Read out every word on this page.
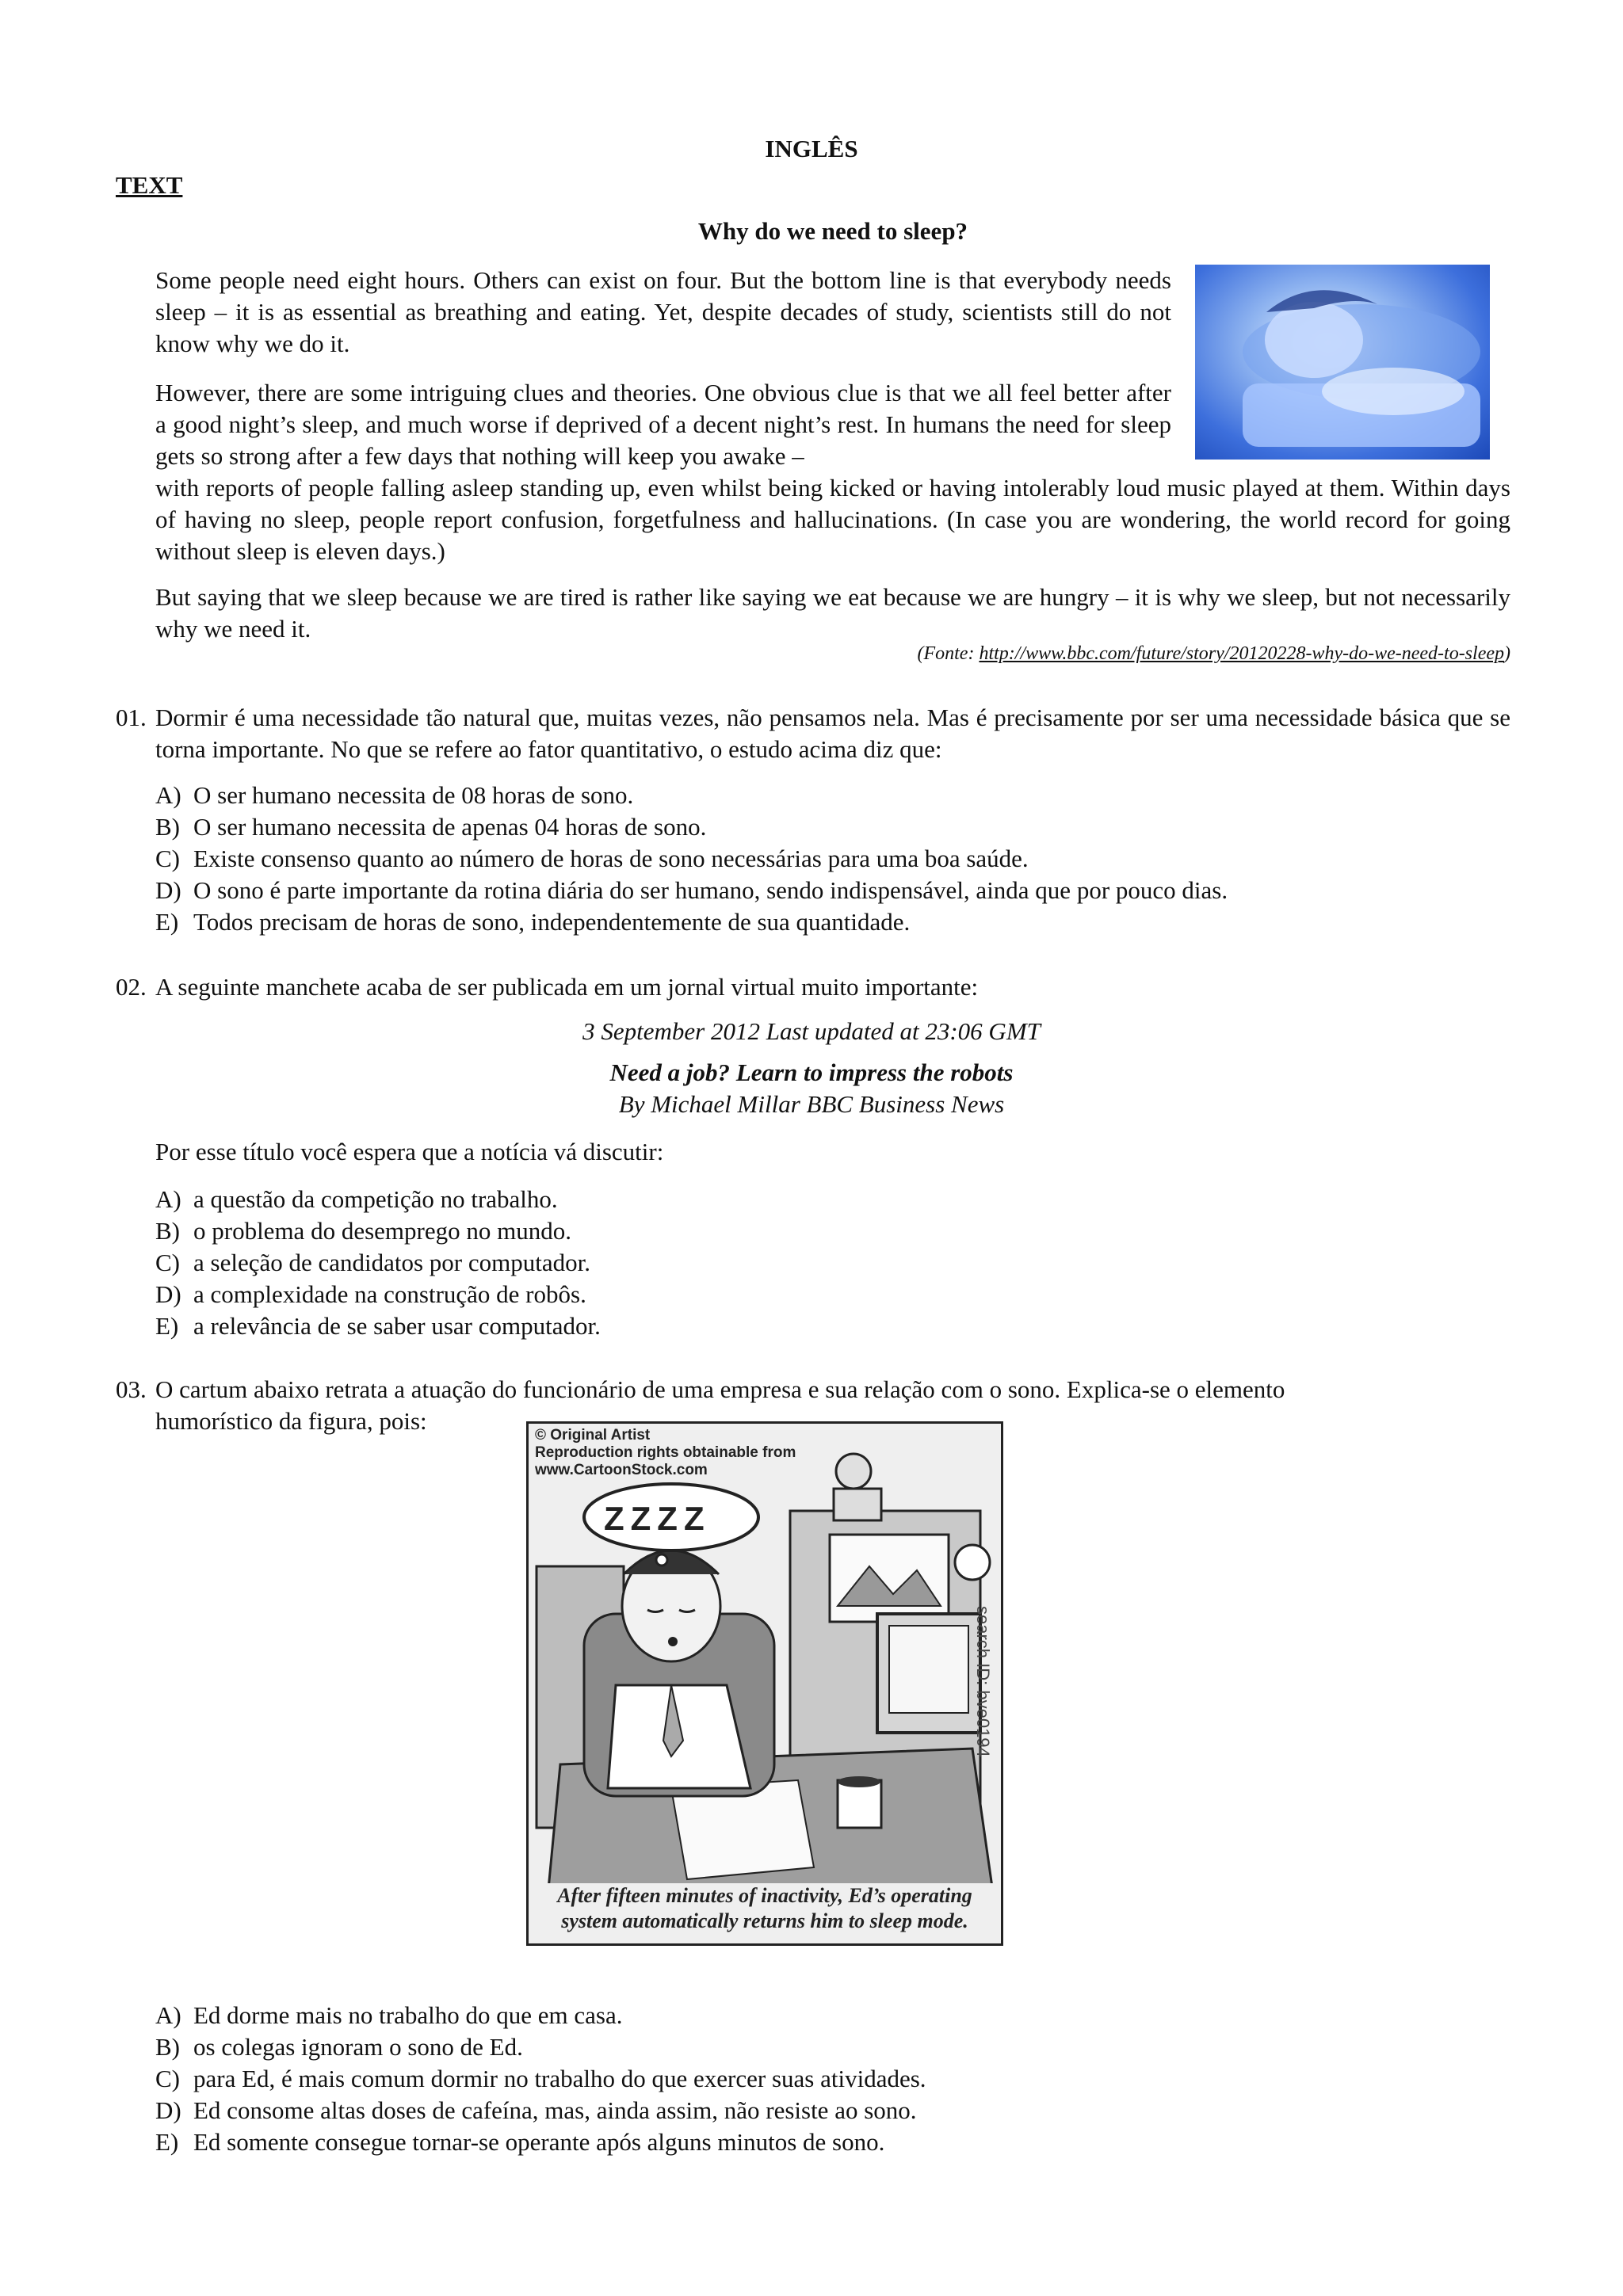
INGLÊS
TEXT
Why do we need to sleep?
Some people need eight hours. Others can exist on four. But the bottom line is that everybody needs sleep – it is as essential as breathing and eating. Yet, despite decades of study, scientists still do not know why we do it.
However, there are some intriguing clues and theories. One obvious clue is that we all feel better after a good night’s sleep, and much worse if deprived of a decent night’s rest. In humans the need for sleep gets so strong after a few days that nothing will keep you awake –
with reports of people falling asleep standing up, even whilst being kicked or having intolerably loud music played at them. Within days of having no sleep, people report confusion, forgetfulness and hallucinations. (In case you are wondering, the world record for going without sleep is eleven days.)
But saying that we sleep because we are tired is rather like saying we eat because we are hungry – it is why we sleep, but not necessarily why we need it.
(Fonte: http://www.bbc.com/future/story/20120228-why-do-we-need-to-sleep)
01. Dormir é uma necessidade tão natural que, muitas vezes, não pensamos nela. Mas é precisamente por ser uma necessidade básica que se torna importante. No que se refere ao fator quantitativo, o estudo acima diz que:
A) O ser humano necessita de 08 horas de sono.
B) O ser humano necessita de apenas 04 horas de sono.
C) Existe consenso quanto ao número de horas de sono necessárias para uma boa saúde.
D) O sono é parte importante da rotina diária do ser humano, sendo indispensável, ainda que por pouco dias.
E) Todos precisam de horas de sono, independentemente de sua quantidade.
02. A seguinte manchete acaba de ser publicada em um jornal virtual muito importante:
3 September 2012 Last updated at 23:06 GMT
Need a job? Learn to impress the robots
By Michael Millar BBC Business News
Por esse título você espera que a notícia vá discutir:
A) a questão da competição no trabalho.
B) o problema do desemprego no mundo.
C) a seleção de candidatos por computador.
D) a complexidade na construção de robôs.
E) a relevância de se saber usar computador.
03. O cartum abaixo retrata a atuação do funcionário de uma empresa e sua relação com o sono. Explica-se o elemento
humorístico da figura, pois:
© Original Artist
Reproduction rights obtainable from
www.CartoonStock.com
ZZZZ
search ID: bve0194
After fifteen minutes of inactivity, Ed’s operating
system automatically returns him to sleep mode.
A) Ed dorme mais no trabalho do que em casa.
B) os colegas ignoram o sono de Ed.
C) para Ed, é mais comum dormir no trabalho do que exercer suas atividades.
D) Ed consome altas doses de cafeína, mas, ainda assim, não resiste ao sono.
E) Ed somente consegue tornar-se operante após alguns minutos de sono.
